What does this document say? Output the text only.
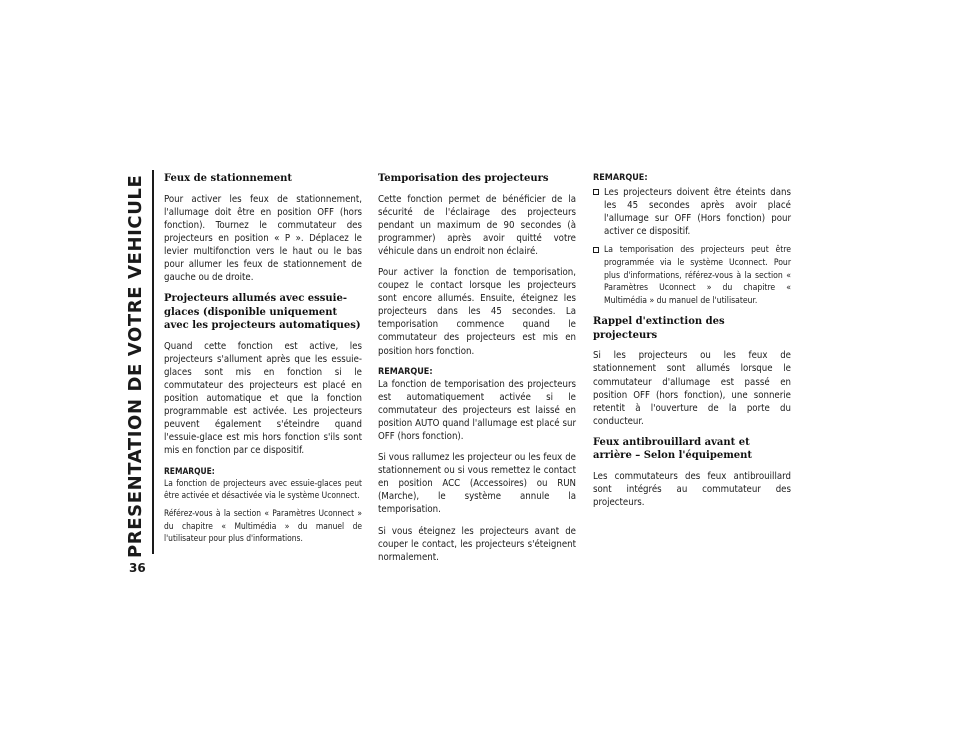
PRESENTATION DE VOTRE VEHICULE
36
Feux de stationnement

Pour activer les feux de stationnement, l'allumage doit être en position OFF (hors fonction). Tournez le commutateur des projecteurs en position « P ». Déplacez le levier multifonction vers le haut ou le bas pour allumer les feux de stationnement de gauche ou de droite.

Projecteurs allumés avec essuie-glaces (disponible uniquement avec les projecteurs automatiques)

Quand cette fonction est active, les projecteurs s'allument après que les essuie-glaces sont mis en fonction si le commutateur des projecteurs est placé en position automatique et que la fonction programmable est activée. Les projecteurs peuvent également s'éteindre quand l'essuie-glace est mis hors fonction s'ils sont mis en fonction par ce dispositif.

REMARQUE:

La fonction de projecteurs avec essuie-glaces peut être activée et désactivée via le système Uconnect.

Référez-vous à la section « Paramètres Uconnect » du chapitre « Multimédia » du manuel de l'utilisateur pour plus d'informations.

Temporisation des projecteurs

Cette fonction permet de bénéficier de la sécurité de l'éclairage des projecteurs pendant un maximum de 90 secondes (à programmer) après avoir quitté votre véhicule dans un endroit non éclairé.

Pour activer la fonction de temporisation, coupez le contact lorsque les projecteurs sont encore allumés. Ensuite, éteignez les projecteurs dans les 45 secondes. La temporisation commence quand le commutateur des projecteurs est mis en position hors fonction.

REMARQUE:

La fonction de temporisation des projecteurs est automatiquement activée si le commutateur des projecteurs est laissé en position AUTO quand l'allumage est placé sur OFF (hors fonction).

Si vous rallumez les projecteur ou les feux de stationnement ou si vous remettez le contact en position ACC (Accessoires) ou RUN (Marche), le système annule la temporisation.

Si vous éteignez les projecteurs avant de couper le contact, les projecteurs s'éteignent normalement.

REMARQUE:
Les projecteurs doivent être éteints dans les 45 secondes après avoir placé l'allumage sur OFF (Hors fonction) pour activer ce dispositif.
La temporisation des projecteurs peut être programmée via le système Uconnect. Pour plus d'informations, référez-vous à la section « Paramètres Uconnect » du chapitre « Multimédia » du manuel de l'utilisateur.
Rappel d'extinction des projecteurs

Si les projecteurs ou les feux de stationnement sont allumés lorsque le commutateur d'allumage est passé en position OFF (hors fonction), une sonnerie retentit à l'ouverture de la porte du conducteur.

Feux antibrouillard avant et arrière – Selon l'équipement

Les commutateurs des feux antibrouillard sont intégrés au commutateur des projecteurs.
